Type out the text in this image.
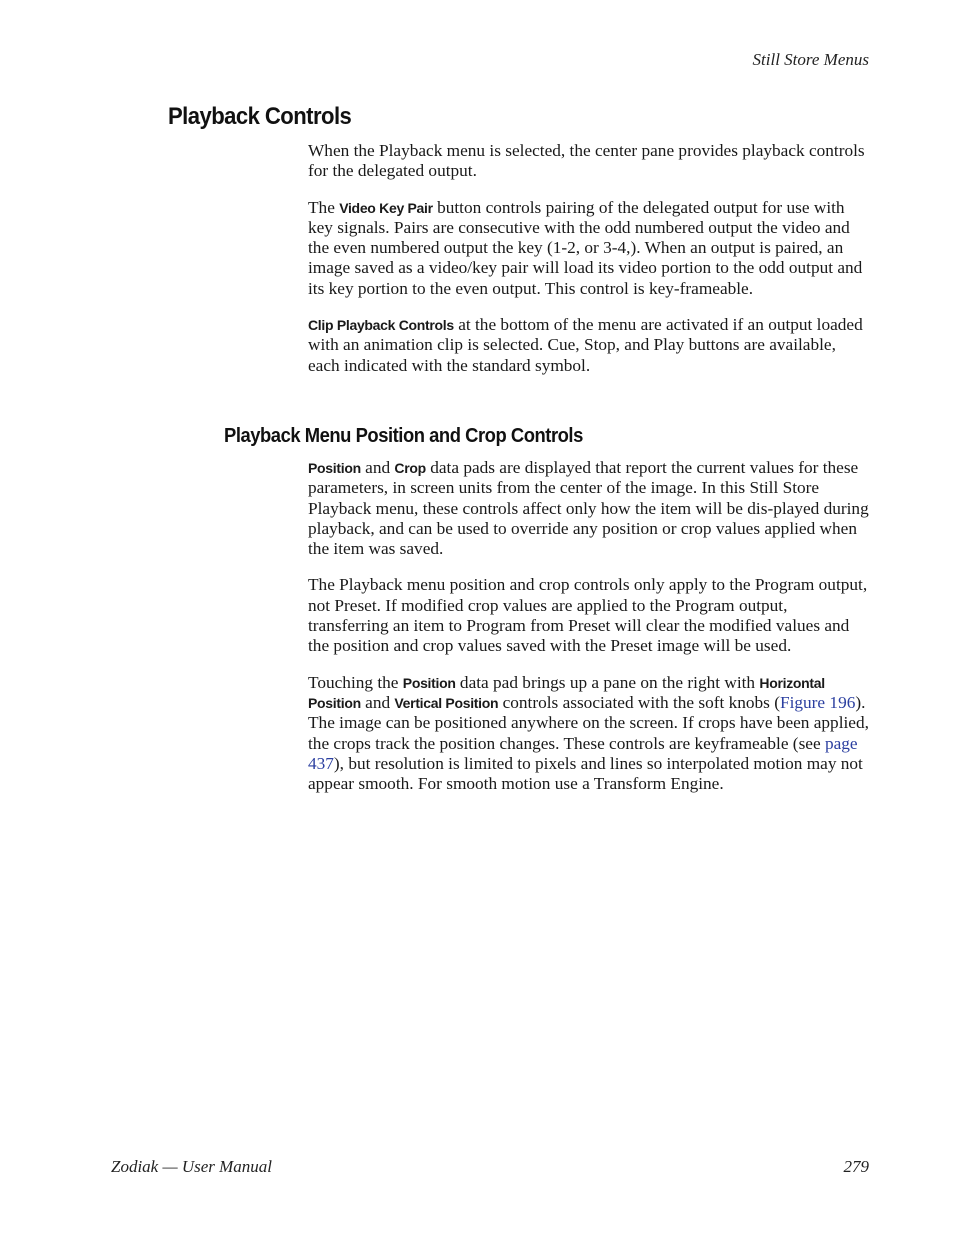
Still Store Menus
Playback Controls

When the Playback menu is selected, the center pane provides playback controls for the delegated output.

The Video Key Pair button controls pairing of the delegated output for use with key signals. Pairs are consecutive with the odd numbered output the video and the even numbered output the key (1-2, or 3-4,). When an output is paired, an image saved as a video/key pair will load its video portion to the odd output and its key portion to the even output. This control is key-frameable.

Clip Playback Controls at the bottom of the menu are activated if an output loaded with an animation clip is selected. Cue, Stop, and Play buttons are available, each indicated with the standard symbol.

Playback Menu Position and Crop Controls

Position and Crop data pads are displayed that report the current values for these parameters, in screen units from the center of the image. In this Still Store Playback menu, these controls affect only how the item will be dis-played during playback, and can be used to override any position or crop values applied when the item was saved.

The Playback menu position and crop controls only apply to the Program output, not Preset. If modified crop values are applied to the Program output, transferring an item to Program from Preset will clear the modified values and the position and crop values saved with the Preset image will be used.

Touching the Position data pad brings up a pane on the right with Horizontal Position and Vertical Position controls associated with the soft knobs (Figure 196). The image can be positioned anywhere on the screen. If crops have been applied, the crops track the position changes. These controls are keyframeable (see page 437), but resolution is limited to pixels and lines so interpolated motion may not appear smooth. For smooth motion use a Transform Engine.

Zodiak — User Manual	279
